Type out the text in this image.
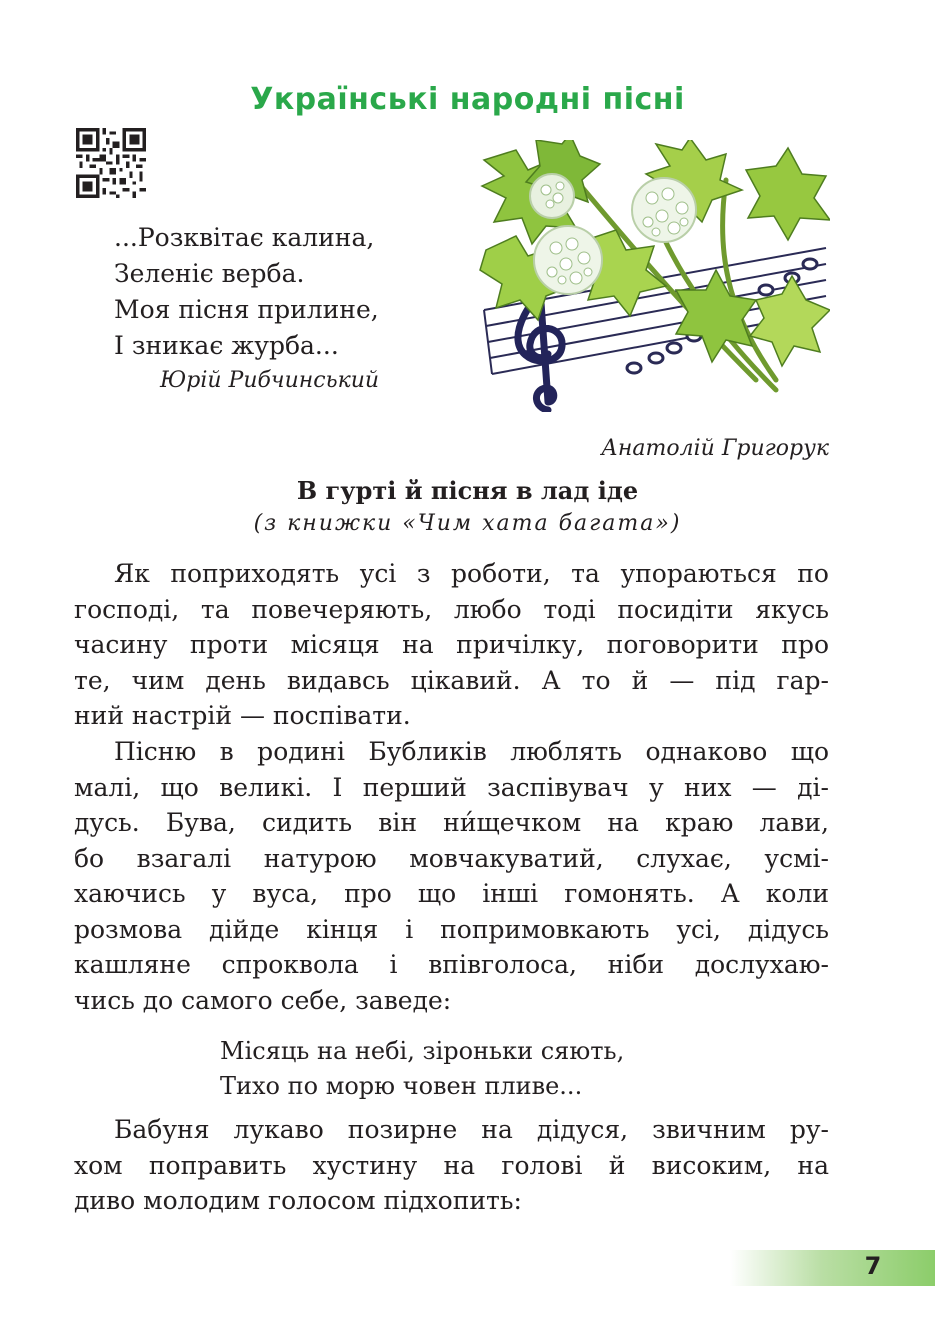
Українські народні пісні
...Розквітає калина,
Зеленіє верба.
Моя пісня прилине,
І зникає журба...
Юрій Рибчинський
Анатолій Григорук
В гурті й пісня в лад іде
(з книжки «Чим хата багата»)
Як поприходять усі з роботи, та упораються по
господі, та повечеряють, любо тоді посидіти якусь
часину проти місяця на причілку, поговорити про
те, чим день видавсь цікавий. А то й — під гар-
ний настрій — поспівати.
Пісню в родині Бубликів люблять однаково що
малі, що великі. І перший заспівувач у них — ді-
дусь. Бува, сидить він ни́щечком на краю лави,
бо взагалі натурою мовчакуватий, слухає, усмі-
хаючись у вуса, про що інші гомонять. А коли
розмова дійде кінця і попримовкають усі, дідусь
кашляне спроквола і впівголоса, ніби дослухаю-
чись до самого себе, заведе:
Місяць на небі, зіроньки сяють,
Тихо по морю човен пливе...
Бабуня лукаво позирне на дідуся, звичним ру-
хом поправить хустину на голові й високим, на
диво молодим голосом підхопить:
7
